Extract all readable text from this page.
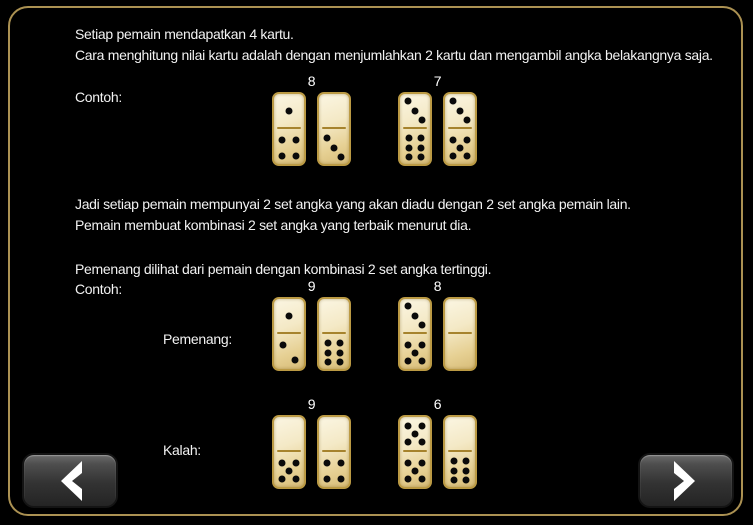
Setiap pemain mendapatkan 4 kartu.
Cara menghitung nilai kartu adalah dengan menjumlahkan 2 kartu dan mengambil angka belakangnya saja.
Contoh:
Jadi setiap pemain mempunyai 2 set angka yang akan diadu dengan 2 set angka pemain lain.
Pemain membuat kombinasi 2 set angka yang terbaik menurut dia.
Pemenang dilihat dari pemain dengan kombinasi 2 set angka tertinggi.
Contoh:
Pemenang:
Kalah:
8	7
9	8
9	6
